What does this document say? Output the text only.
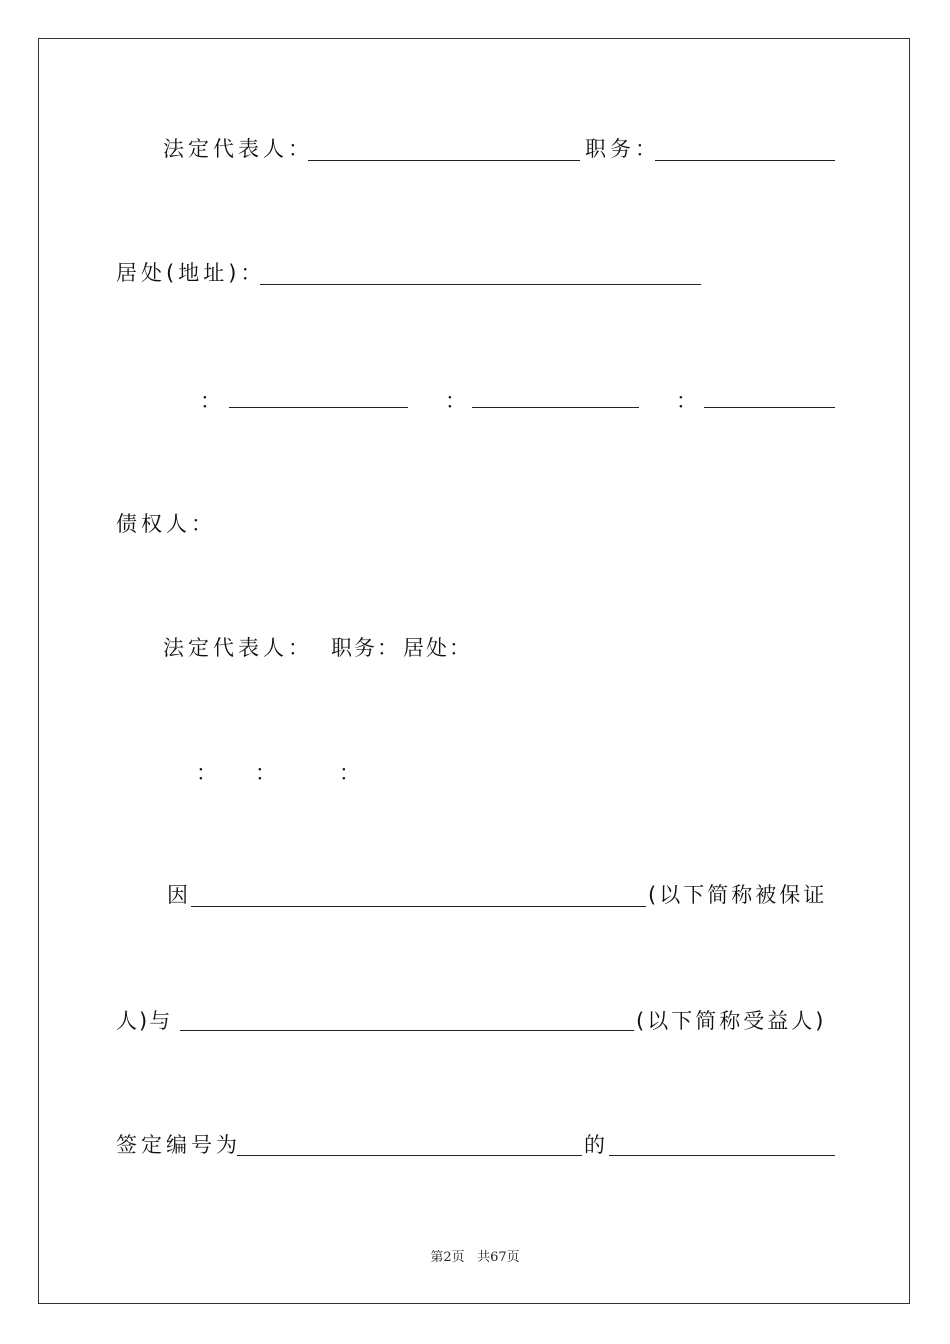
法定代表人：	职务：
居处(地址)：
：	：	：
债权人：
法定代表人： 职务： 居处：
： ：	：
因	(以下简称被保证
人)与	(以下简称受益人)
签定编号为	的
第2页 共67页
